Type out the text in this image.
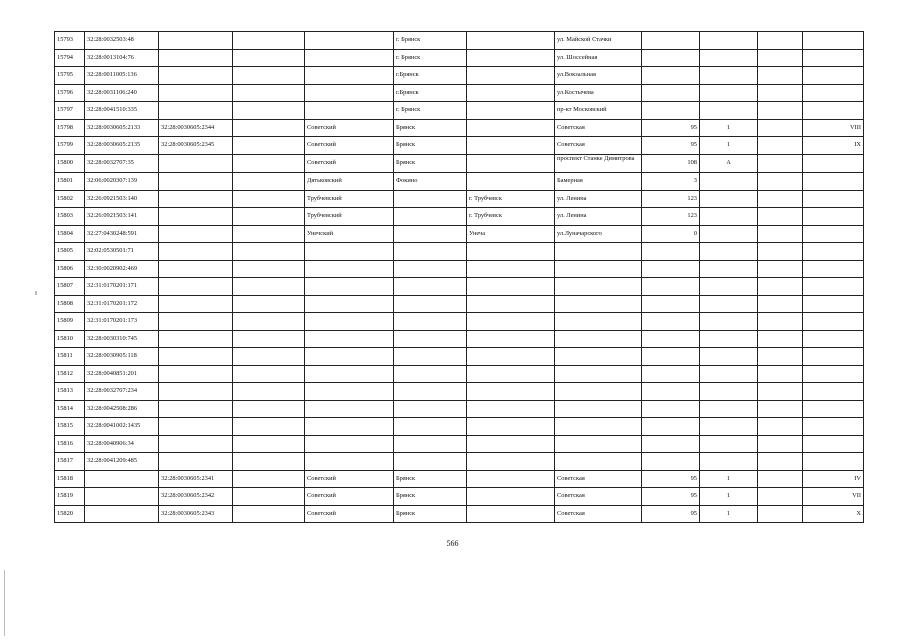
15793	32:28:0032503:48				г. Брянск		ул. Майской Стачки				
15794	32:28:0013104:76				г. Брянск		ул. Шоссейная				
15795	32:28:0011005:136				г.Брянск		ул.Вокзальная				
15796	32:28:0031106:240				г.Брянск		ул.Костычева				
15797	32:28:0041510:335				г. Брянск		пр-кт Московский				
15798	32:28:0030605:2133	32:28:0030605:2344		Советский	Брянск		Советская	95	1		VIII
15799	32:28:0030605:2135	32:28:0030605:2345		Советский	Брянск		Советская	95	1		IX
15800	32:28:0032707:35			Советский	Брянск		проспект Станке Димитрова	108	А		
15801	32:06:0020307:139			Дятьковский	Фокино		Бамерная	3			
15802	32:26:0921503:140			Трубчевский		г. Трубчевск	ул. Ленина	123			
15803	32:26:0921503:141			Трубчевский		г. Трубчевск	ул. Ленина	123			
15804	32:27:0430248:591			Унечский		Унеча	ул.Луначарского	0			
15805	32:02:0530501:71										
15806	32:30:0020902:469										
15807	32:31:0170201:171										
15808	32:31:0170201:172										
15809	32:31:0170201:173										
15810	32:28:0030310:745										
15811	32:28:0030905:118										
15812	32:28:0040851:201										
15813	32:28:0032707:234										
15814	32:28:0042508:286										
15815	32:28:0041002:1435										
15816	32:28:0040906:34										
15817	32:28:0041209:485										
15818		32:28:0030605:2341		Советский	Брянск		Советская	95	1		IV
15819		32:28:0030605:2342		Советский	Брянск		Советская	95	1		VII
15820		32:28:0030605:2343		Советский	Брянск		Советская	95	1		X
566
